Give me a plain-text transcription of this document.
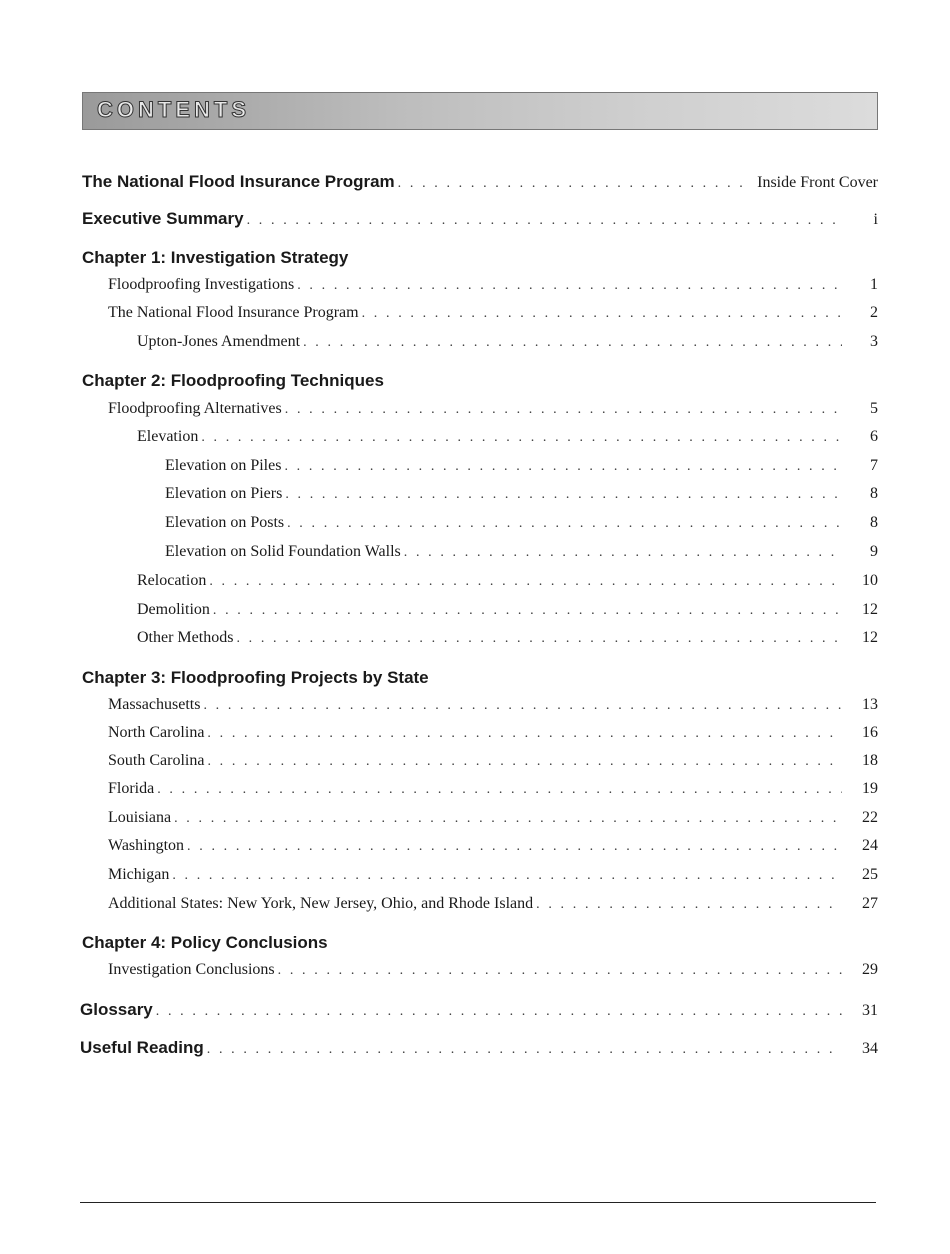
CONTENTS
The National Flood Insurance Program . . .	Inside Front Cover
Executive Summary . . .	i
Chapter 1: Investigation Strategy
Floodproofing Investigations . . .	1
The National Flood Insurance Program . . .	2
Upton-Jones Amendment . . .	3
Chapter 2: Floodproofing Techniques
Floodproofing Alternatives . . .	5
Elevation . . .	6
Elevation on Piles . . .	7
Elevation on Piers . . .	8
Elevation on Posts . . .	8
Elevation on Solid Foundation Walls . . .	9
Relocation . . .	10
Demolition . . .	12
Other Methods . . .	12
Chapter 3: Floodproofing Projects by State
Massachusetts . . .	13
North Carolina . . .	16
South Carolina . . .	18
Florida . . .	19
Louisiana . . .	22
Washington . . .	24
Michigan . . .	25
Additional States: New York, New Jersey, Ohio, and Rhode Island . . .	27
Chapter 4: Policy Conclusions
Investigation Conclusions . . .	29
Glossary . . .	31
Useful Reading . . .	34
